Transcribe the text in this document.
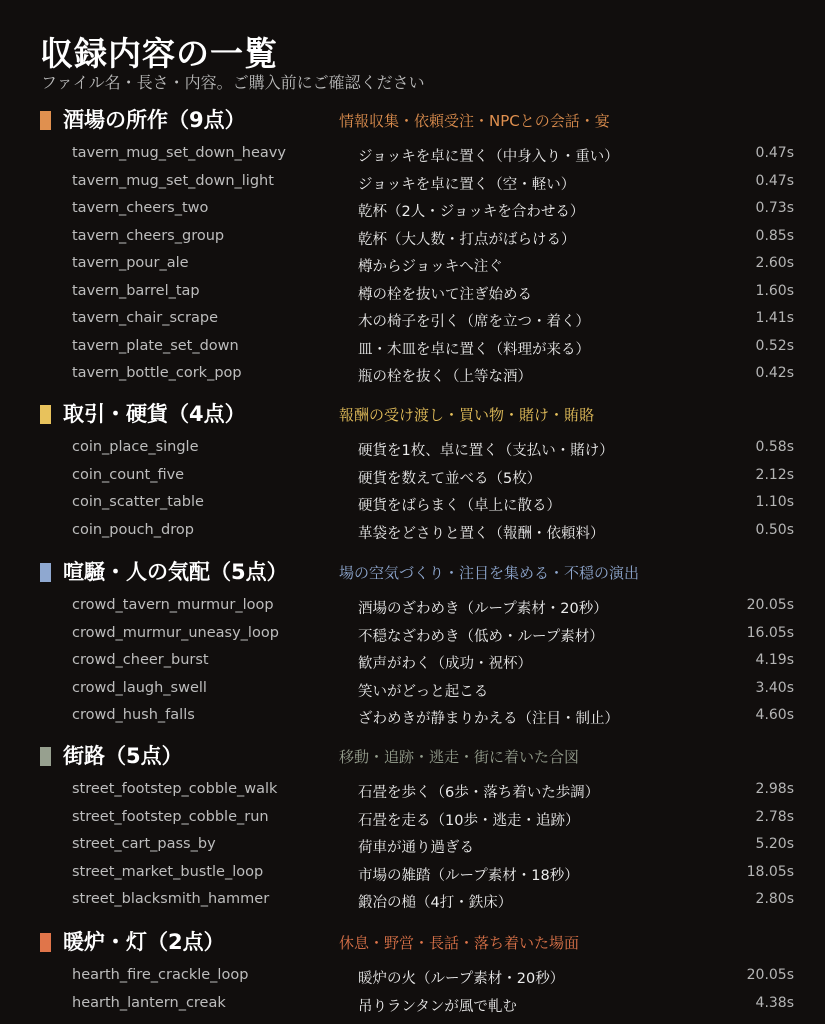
収録内容の一覧
ファイル名・長さ・内容。ご購入前にご確認ください
酒場の所作（9点）	情報収集・依頼受注・NPCとの会話・宴
tavern_mug_set_down_heavy	ジョッキを卓に置く（中身入り・重い）	0.47s
tavern_mug_set_down_light	ジョッキを卓に置く（空・軽い）	0.47s
tavern_cheers_two	乾杯（2人・ジョッキを合わせる）	0.73s
tavern_cheers_group	乾杯（大人数・打点がばらける）	0.85s
tavern_pour_ale	樽からジョッキへ注ぐ	2.60s
tavern_barrel_tap	樽の栓を抜いて注ぎ始める	1.60s
tavern_chair_scrape	木の椅子を引く（席を立つ・着く）	1.41s
tavern_plate_set_down	皿・木皿を卓に置く（料理が来る）	0.52s
tavern_bottle_cork_pop	瓶の栓を抜く（上等な酒）	0.42s
取引・硬貨（4点）	報酬の受け渡し・買い物・賭け・賄賂
coin_place_single	硬貨を1枚、卓に置く（支払い・賭け）	0.58s
coin_count_five	硬貨を数えて並べる（5枚）	2.12s
coin_scatter_table	硬貨をばらまく（卓上に散る）	1.10s
coin_pouch_drop	革袋をどさりと置く（報酬・依頼料）	0.50s
喧騒・人の気配（5点）	場の空気づくり・注目を集める・不穏の演出
crowd_tavern_murmur_loop	酒場のざわめき（ループ素材・20秒）	20.05s
crowd_murmur_uneasy_loop	不穏なざわめき（低め・ループ素材）	16.05s
crowd_cheer_burst	歓声がわく（成功・祝杯）	4.19s
crowd_laugh_swell	笑いがどっと起こる	3.40s
crowd_hush_falls	ざわめきが静まりかえる（注目・制止）	4.60s
街路（5点）	移動・追跡・逃走・街に着いた合図
street_footstep_cobble_walk	石畳を歩く（6歩・落ち着いた歩調）	2.98s
street_footstep_cobble_run	石畳を走る（10歩・逃走・追跡）	2.78s
street_cart_pass_by	荷車が通り過ぎる	5.20s
street_market_bustle_loop	市場の雑踏（ループ素材・18秒）	18.05s
street_blacksmith_hammer	鍛冶の槌（4打・鉄床）	2.80s
暖炉・灯（2点）	休息・野営・長話・落ち着いた場面
hearth_fire_crackle_loop	暖炉の火（ループ素材・20秒）	20.05s
hearth_lantern_creak	吊りランタンが風で軋む	4.38s
